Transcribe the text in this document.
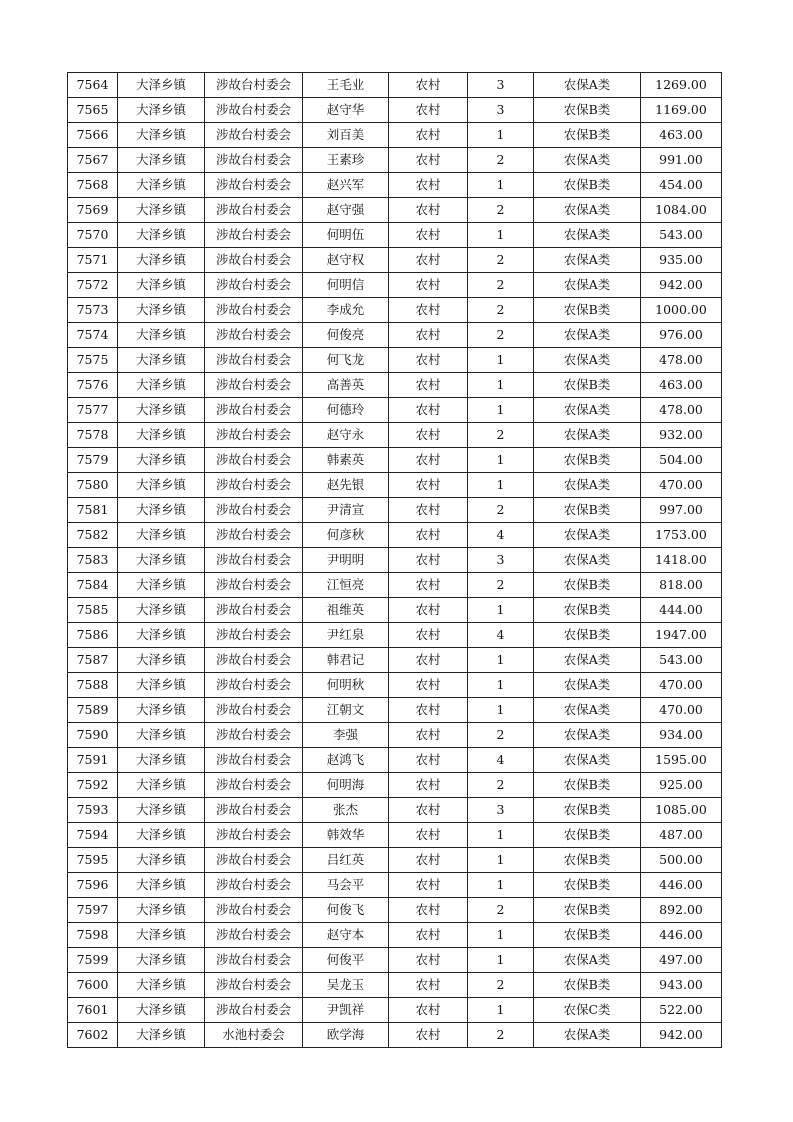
7564	大泽乡镇	涉故台村委会	王毛业	农村	3	农保A类	1269.00
7565	大泽乡镇	涉故台村委会	赵守华	农村	3	农保B类	1169.00
7566	大泽乡镇	涉故台村委会	刘百美	农村	1	农保B类	463.00
7567	大泽乡镇	涉故台村委会	王素珍	农村	2	农保A类	991.00
7568	大泽乡镇	涉故台村委会	赵兴军	农村	1	农保B类	454.00
7569	大泽乡镇	涉故台村委会	赵守强	农村	2	农保A类	1084.00
7570	大泽乡镇	涉故台村委会	何明伍	农村	1	农保A类	543.00
7571	大泽乡镇	涉故台村委会	赵守权	农村	2	农保A类	935.00
7572	大泽乡镇	涉故台村委会	何明信	农村	2	农保A类	942.00
7573	大泽乡镇	涉故台村委会	李成允	农村	2	农保B类	1000.00
7574	大泽乡镇	涉故台村委会	何俊亮	农村	2	农保A类	976.00
7575	大泽乡镇	涉故台村委会	何飞龙	农村	1	农保A类	478.00
7576	大泽乡镇	涉故台村委会	高善英	农村	1	农保B类	463.00
7577	大泽乡镇	涉故台村委会	何德玲	农村	1	农保A类	478.00
7578	大泽乡镇	涉故台村委会	赵守永	农村	2	农保A类	932.00
7579	大泽乡镇	涉故台村委会	韩素英	农村	1	农保B类	504.00
7580	大泽乡镇	涉故台村委会	赵先银	农村	1	农保A类	470.00
7581	大泽乡镇	涉故台村委会	尹清宣	农村	2	农保B类	997.00
7582	大泽乡镇	涉故台村委会	何彦秋	农村	4	农保A类	1753.00
7583	大泽乡镇	涉故台村委会	尹明明	农村	3	农保A类	1418.00
7584	大泽乡镇	涉故台村委会	江恒亮	农村	2	农保B类	818.00
7585	大泽乡镇	涉故台村委会	祖维英	农村	1	农保B类	444.00
7586	大泽乡镇	涉故台村委会	尹红泉	农村	4	农保B类	1947.00
7587	大泽乡镇	涉故台村委会	韩君记	农村	1	农保A类	543.00
7588	大泽乡镇	涉故台村委会	何明秋	农村	1	农保A类	470.00
7589	大泽乡镇	涉故台村委会	江朝文	农村	1	农保A类	470.00
7590	大泽乡镇	涉故台村委会	李强	农村	2	农保A类	934.00
7591	大泽乡镇	涉故台村委会	赵鸿飞	农村	4	农保A类	1595.00
7592	大泽乡镇	涉故台村委会	何明海	农村	2	农保B类	925.00
7593	大泽乡镇	涉故台村委会	张杰	农村	3	农保B类	1085.00
7594	大泽乡镇	涉故台村委会	韩效华	农村	1	农保B类	487.00
7595	大泽乡镇	涉故台村委会	吕红英	农村	1	农保B类	500.00
7596	大泽乡镇	涉故台村委会	马会平	农村	1	农保B类	446.00
7597	大泽乡镇	涉故台村委会	何俊飞	农村	2	农保B类	892.00
7598	大泽乡镇	涉故台村委会	赵守本	农村	1	农保B类	446.00
7599	大泽乡镇	涉故台村委会	何俊平	农村	1	农保A类	497.00
7600	大泽乡镇	涉故台村委会	吴龙玉	农村	2	农保B类	943.00
7601	大泽乡镇	涉故台村委会	尹凯祥	农村	1	农保C类	522.00
7602	大泽乡镇	水池村委会	欧学海	农村	2	农保A类	942.00
